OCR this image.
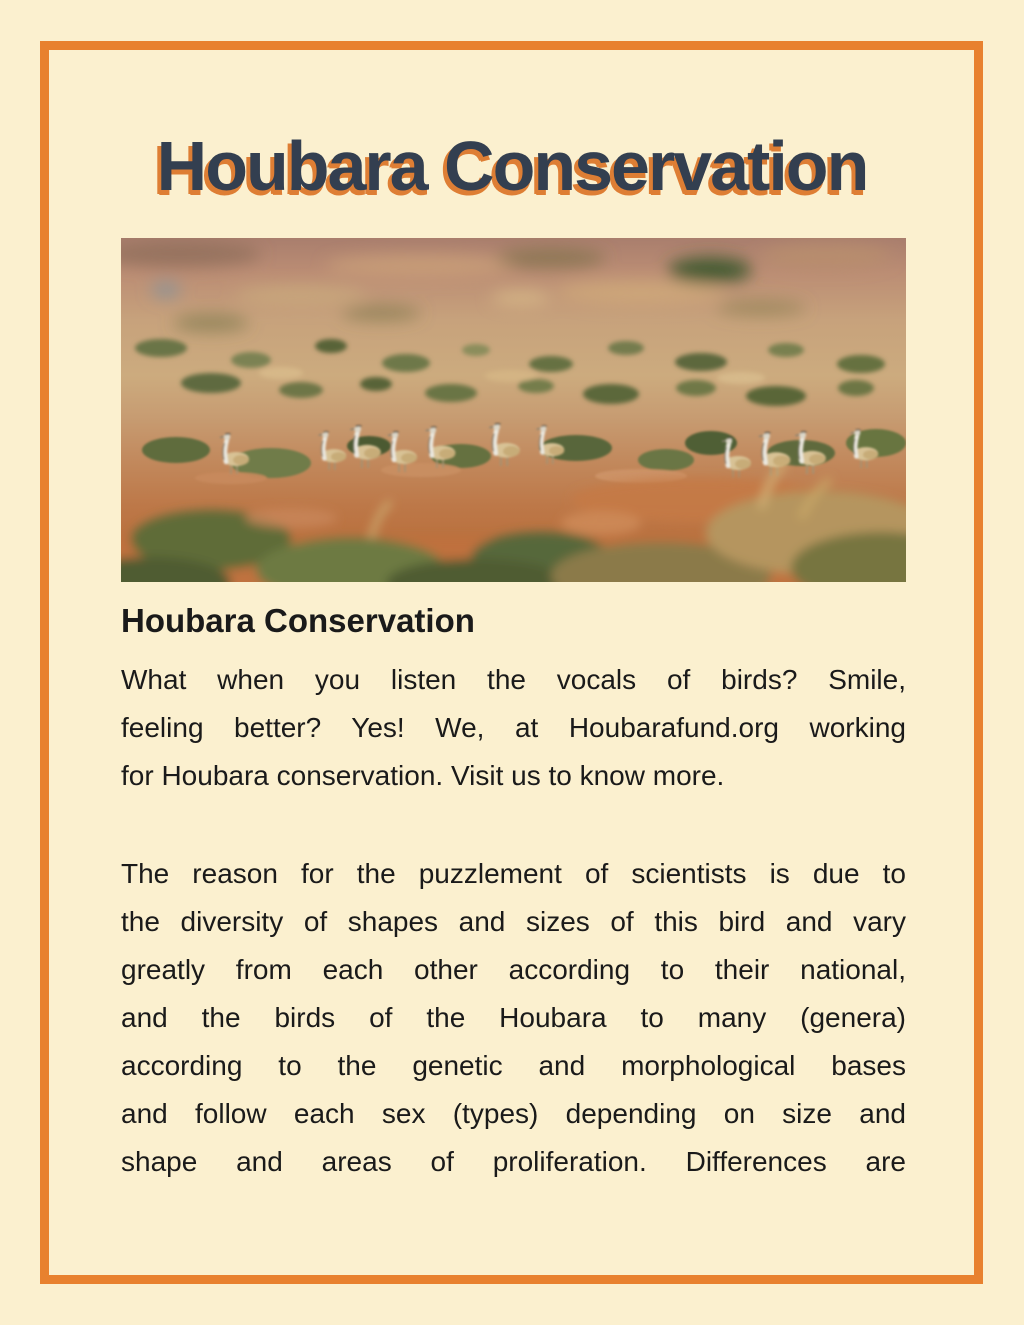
Houbara Conservation
Houbara Conservation
What when you listen the vocals of birds? Smile,
feeling better? Yes! We, at Houbarafund.org working
for Houbara conservation. Visit us to know more.
The reason for the puzzlement of scientists is due to
the diversity of shapes and sizes of this bird and vary
greatly from each other according to their national,
and the birds of the Houbara to many (genera)
according to the genetic and morphological bases
and follow each sex (types) depending on size and
shape and areas of proliferation. Differences are
